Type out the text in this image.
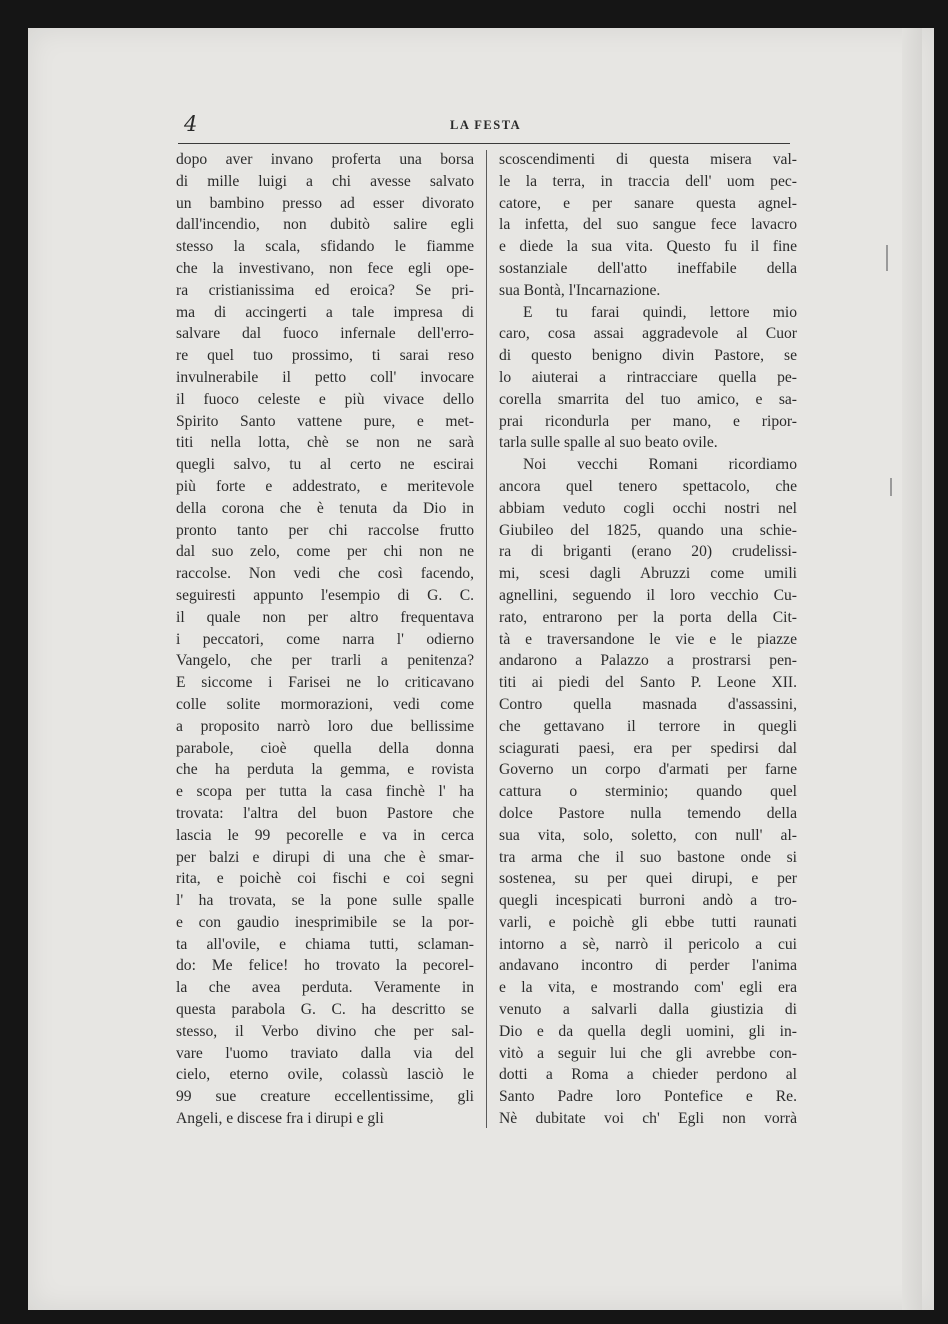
4	LA FESTA
dopo aver invano proferta una borsa
di mille luigi a chi avesse salvato
un bambino presso ad esser divorato
dall'incendio, non dubitò salire egli
stesso la scala, sfidando le fiamme
che la investivano, non fece egli ope-
ra cristianissima ed eroica? Se pri-
ma di accingerti a tale impresa di
salvare dal fuoco infernale dell'erro-
re quel tuo prossimo, ti sarai reso
invulnerabile il petto coll' invocare
il fuoco celeste e più vivace dello
Spirito Santo vattene pure, e met-
titi nella lotta, chè se non ne sarà
quegli salvo, tu al certo ne escirai
più forte e addestrato, e meritevole
della corona che è tenuta da Dio in
pronto tanto per chi raccolse frutto
dal suo zelo, come per chi non ne
raccolse. Non vedi che così facendo,
seguiresti appunto l'esempio di G. C.
il quale non per altro frequentava
i peccatori, come narra l' odierno
Vangelo, che per trarli a penitenza?
E siccome i Farisei ne lo criticavano
colle solite mormorazioni, vedi come
a proposito narrò loro due bellissime
parabole, cioè quella della donna
che ha perduta la gemma, e rovista
e scopa per tutta la casa finchè l' ha
trovata: l'altra del buon Pastore che
lascia le 99 pecorelle e va in cerca
per balzi e dirupi di una che è smar-
rita, e poichè coi fischi e coi segni
l' ha trovata, se la pone sulle spalle
e con gaudio inesprimibile se la por-
ta all'ovile, e chiama tutti, sclaman-
do: Me felice! ho trovato la pecorel-
la che avea perduta. Veramente in
questa parabola G. C. ha descritto se
stesso, il Verbo divino che per sal-
vare l'uomo traviato dalla via del
cielo, eterno ovile, colassù lasciò le
99 sue creature eccellentissime, gli
Angeli, e discese fra i dirupi e gli
scoscendimenti di questa misera val-
le la terra, in traccia dell' uom pec-
catore, e per sanare questa agnel-
la infetta, del suo sangue fece lavacro
e diede la sua vita. Questo fu il fine
sostanziale dell'atto ineffabile della
sua Bontà, l'Incarnazione.
E tu farai quindi, lettore mio
caro, cosa assai aggradevole al Cuor
di questo benigno divin Pastore, se
lo aiuterai a rintracciare quella pe-
corella smarrita del tuo amico, e sa-
prai ricondurla per mano, e ripor-
tarla sulle spalle al suo beato ovile.
Noi vecchi Romani ricordiamo
ancora quel tenero spettacolo, che
abbiam veduto cogli occhi nostri nel
Giubileo del 1825, quando una schie-
ra di briganti (erano 20) crudelissi-
mi, scesi dagli Abruzzi come umili
agnellini, seguendo il loro vecchio Cu-
rato, entrarono per la porta della Cit-
tà e traversandone le vie e le piazze
andarono a Palazzo a prostrarsi pen-
titi ai piedi del Santo P. Leone XII.
Contro quella masnada d'assassini,
che gettavano il terrore in quegli
sciagurati paesi, era per spedirsi dal
Governo un corpo d'armati per farne
cattura o sterminio; quando quel
dolce Pastore nulla temendo della
sua vita, solo, soletto, con null' al-
tra arma che il suo bastone onde si
sostenea, su per quei dirupi, e per
quegli incespicati burroni andò a tro-
varli, e poichè gli ebbe tutti raunati
intorno a sè, narrò il pericolo a cui
andavano incontro di perder l'anima
e la vita, e mostrando com' egli era
venuto a salvarli dalla giustizia di
Dio e da quella degli uomini, gli in-
vitò a seguir lui che gli avrebbe con-
dotti a Roma a chieder perdono al
Santo Padre loro Pontefice e Re.
Nè dubitate voi ch' Egli non vorrà
